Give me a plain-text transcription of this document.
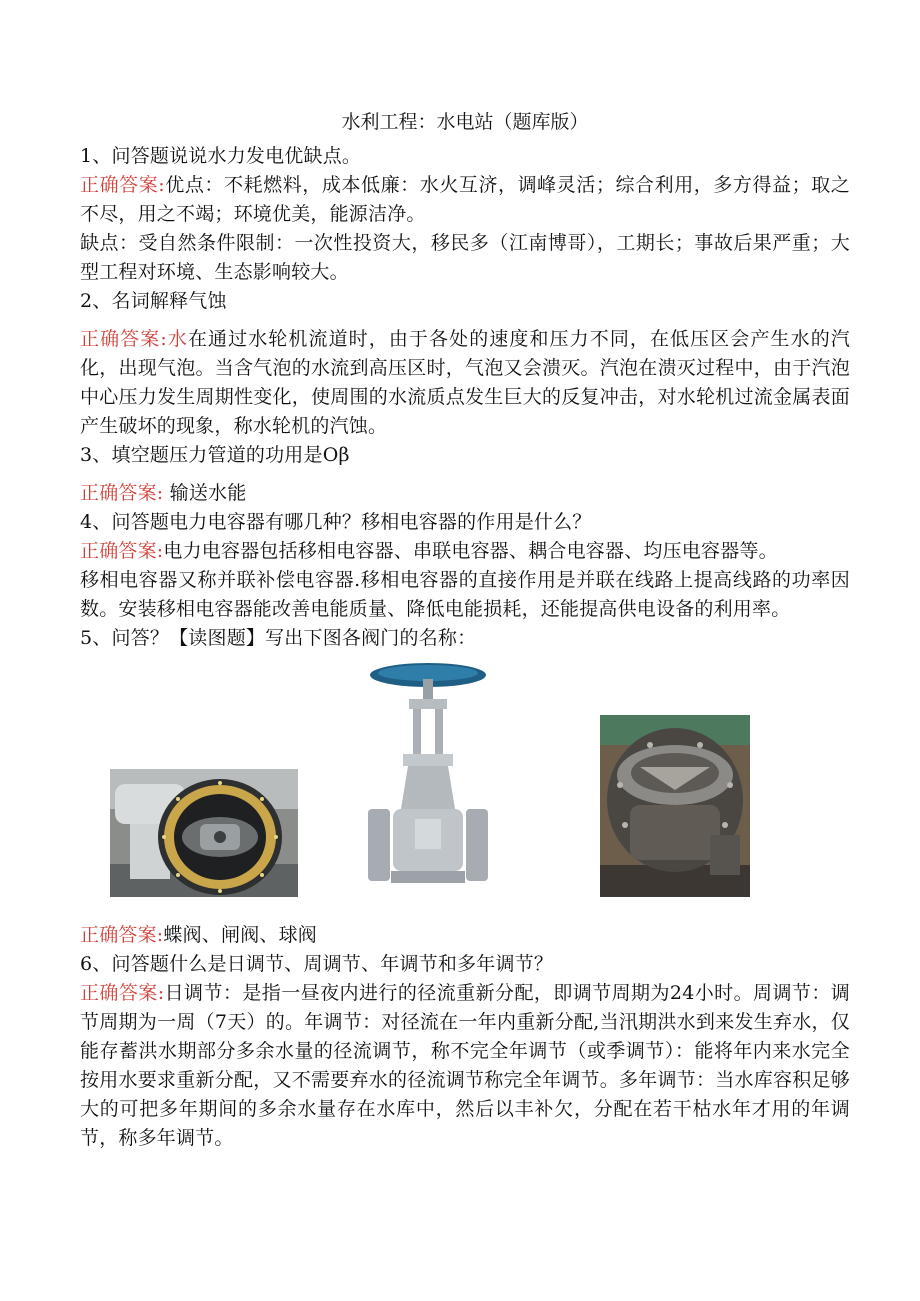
水利工程：水电站（题库版）

1、问答题说说水力发电优缺点。

正确答案:优点：不耗燃料，成本低廉：水火互济，调峰灵活；综合利用，多方得益；取之不尽，用之不竭；环境优美，能源洁净。

缺点：受自然条件限制：一次性投资大，移民多（江南博哥），工期长；事故后果严重；大型工程对环境、生态影响较大。

2、名词解释气蚀

正确答案:水在通过水轮机流道时，由于各处的速度和压力不同，在低压区会产生水的汽化，出现气泡。当含气泡的水流到高压区时，气泡又会溃灭。汽泡在溃灭过程中，由于汽泡中心压力发生周期性变化，使周围的水流质点发生巨大的反复冲击，对水轮机过流金属表面产生破坏的现象，称水轮机的汽蚀。

3、填空题压力管道的功用是Oβ

正确答案: 输送水能

4、问答题电力电容器有哪几种？移相电容器的作用是什么？

正确答案:电力电容器包括移相电容器、串联电容器、耦合电容器、均压电容器等。

移相电容器又称并联补偿电容器.移相电容器的直接作用是并联在线路上提高线路的功率因数。安装移相电容器能改善电能质量、降低电能损耗，还能提高供电设备的利用率。

5、问答？【读图题】写出下图各阀门的名称：

正确答案:蝶阀、闸阀、球阀

6、问答题什么是日调节、周调节、年调节和多年调节？

正确答案:日调节：是指一昼夜内进行的径流重新分配，即调节周期为24小时。周调节：调节周期为一周（7天）的。年调节：对径流在一年内重新分配,当汛期洪水到来发生弃水，仅能存蓄洪水期部分多余水量的径流调节，称不完全年调节（或季调节）：能将年内来水完全按用水要求重新分配，又不需要弃水的径流调节称完全年调节。多年调节：当水库容积足够大的可把多年期间的多余水量存在水库中，然后以丰补欠，分配在若干枯水年才用的年调节，称多年调节。
